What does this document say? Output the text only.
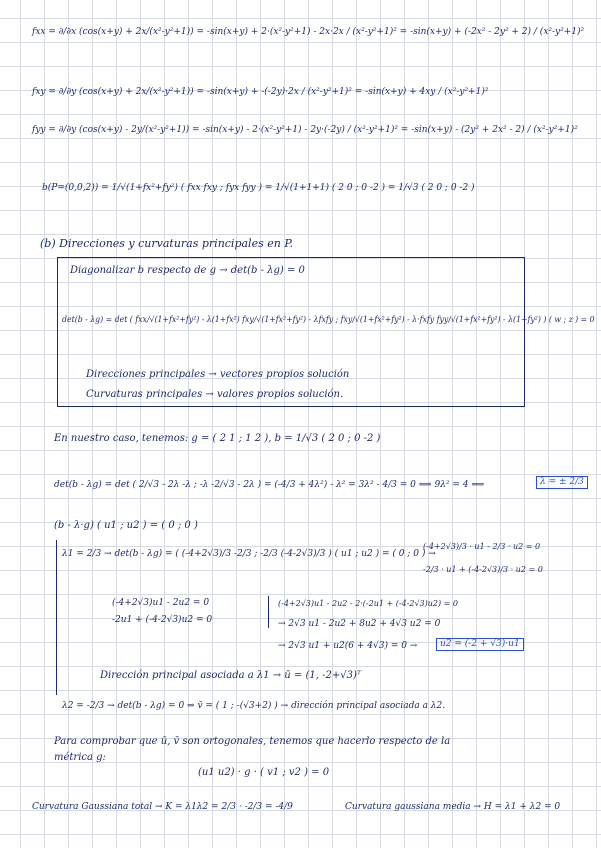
fxx = ∂/∂x (cos(x+y) + 2x/(x²-y²+1)) = -sin(x+y) + 2·(x²-y²+1) - 2x·2x / (x²-y²+1)² = -sin(x+y) + (-2x² - 2y² + 2) / (x²-y²+1)²
fxy = ∂/∂y (cos(x+y) + 2x/(x²-y²+1)) = -sin(x+y) + -(-2y)·2x / (x²-y²+1)² = -sin(x+y) + 4xy / (x²-y²+1)²
fyy = ∂/∂y (cos(x+y) - 2y/(x²-y²+1)) = -sin(x+y) - 2·(x²-y²+1) - 2y·(-2y) / (x²-y²+1)² = -sin(x+y) - (2y² + 2x² - 2) / (x²-y²+1)²
b(P=(0,0,2)) = 1/√(1+fx²+fy²) ( fxx fxy ; fyx fyy ) = 1/√(1+1+1) ( 2 0 ; 0 -2 ) = 1/√3 ( 2 0 ; 0 -2 )
(b) Direcciones y curvaturas principales en P.
Diagonalizar b respecto de g → det(b - λg) = 0
det(b - λg) = det ( fxx/√(1+fx²+fy²) - λ(1+fx²) fxy/√(1+fx²+fy²) - λfxfy ; fxy/√(1+fx²+fy²) - λ·fxfy fyy/√(1+fx²+fy²) - λ(1+fy²) ) ( w ; z ) = 0
Direcciones principales → vectores propios solución
Curvaturas principales → valores propios solución.
En nuestro caso, tenemos: g = ( 2 1 ; 1 2 ), b = 1/√3 ( 2 0 ; 0 -2 )
det(b - λg) = det ( 2/√3 - 2λ -λ ; -λ -2/√3 - 2λ ) = (-4/3 + 4λ²) - λ² = 3λ² - 4/3 = 0 ⟺ 9λ² = 4 ⟺	λ = ± 2/3
(b - λ·g) ( u1 ; u2 ) = ( 0 ; 0 )
λ1 = 2/3 → det(b - λg) = ( (-4+2√3)/3 -2/3 ; -2/3 (-4-2√3)/3 ) ( u1 ; u2 ) = ( 0 ; 0 ) →
(-4+2√3)/3 · u1 - 2/3 · u2 = 0
-2/3 · u1 + (-4-2√3)/3 · u2 = 0
(-4+2√3)u1 - 2u2 = 0
-2u1 + (-4-2√3)u2 = 0
(-4+2√3)u1 - 2u2 - 2·(-2u1 + (-4-2√3)u2) = 0
→ 2√3 u1 - 2u2 + 8u2 + 4√3 u2 = 0
→ 2√3 u1 + u2(6 + 4√3) = 0 →	u2 = (-2 + √3)·u1
Dirección principal asociada a λ1 → ū = (1, -2+√3)ᵀ
λ2 = -2/3 → det(b - λg) = 0 ⇒ v̄ = ( 1 ; -(√3+2) ) → dirección principal asociada a λ2.
Para comprobar que ū, v̄ son ortogonales, tenemos que hacerlo respecto de la
métrica g:
(u1 u2) · g · ( v1 ; v2 ) = 0
Curvatura Gaussiana total → K = λ1λ2 = 2/3 · -2/3 = -4/9	Curvatura gaussiana media → H = λ1 + λ2 = 0
